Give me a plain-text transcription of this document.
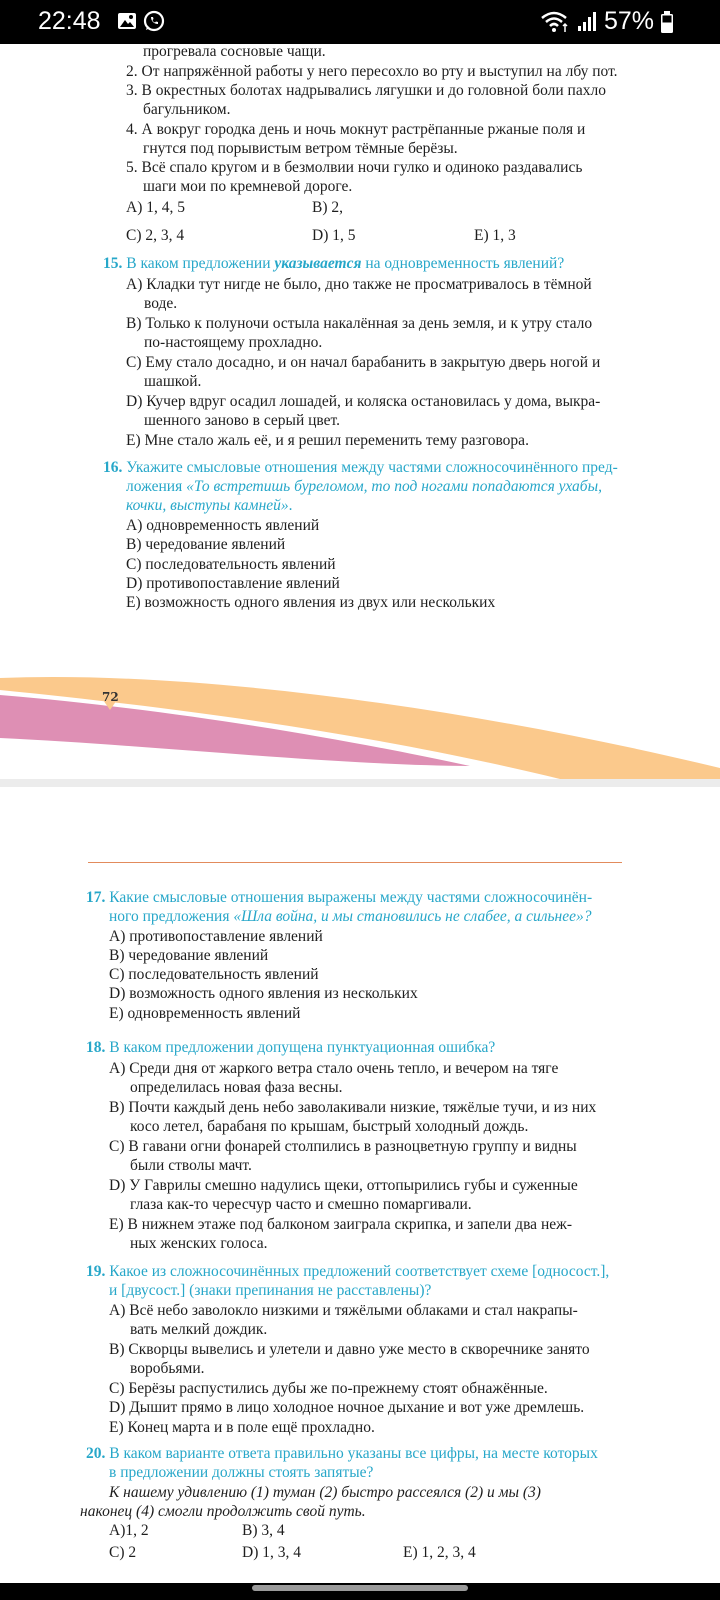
22:48
	57%
прогревала сосновые чащи.
2. От напряжённой работы у него пересохло во рту и выступил на лбу пот.
3. В окрестных болотах надрывались лягушки и до головной боли пахло
багульником.
4. А вокруг городка день и ночь мокнут растрёпанные ржаные поля и
гнутся под порывистым ветром тёмные берёзы.
5. Всё спало кругом и в безмолвии ночи гулко и одиноко раздавались
шаги мои по кремневой дороге.
A) 1, 4, 5	B) 2,
C) 2, 3, 4	D) 1, 5	E) 1, 3
15. В каком предложении указывается на одновременность явлений?
A) Кладки тут нигде не было, дно также не просматривалось в тёмной
воде.
B) Только к полуночи остыла накалённая за день земля, и к утру стало
по-настоящему прохладно.
C) Ему стало досадно, и он начал барабанить в закрытую дверь ногой и
шашкой.
D) Кучер вдруг осадил лошадей, и коляска остановилась у дома, выкра-
шенного заново в серый цвет.
E) Мне стало жаль её, и я решил переменить тему разговора.
16. Укажите смысловые отношения между частями сложносочинённого пред-
ложения «То встретишь буреломом, то под ногами попадаются ухабы,
кочки, выступы камней».
A) одновременность явлений
B) чередование явлений
C) последовательность явлений
D) противопоставление явлений
E) возможность одного явления из двух или нескольких
72
17. Какие смысловые отношения выражены между частями сложносочинён-
ного предложения «Шла война, и мы становились не слабее, а сильнее»?
A) противопоставление явлений
B) чередование явлений
C) последовательность явлений
D) возможность одного явления из нескольких
E) одновременность явлений
18. В каком предложении допущена пунктуационная ошибка?
A) Среди дня от жаркого ветра стало очень тепло, и вечером на тяге
определилась новая фаза весны.
B) Почти каждый день небо заволакивали низкие, тяжёлые тучи, и из них
косо летел, барабаня по крышам, быстрый холодный дождь.
C) В гавани огни фонарей столпились в разноцветную группу и видны
были стволы мачт.
D) У Гаврилы смешно надулись щеки, оттопырились губы и суженные
глаза как-то чересчур часто и смешно помаргивали.
E) В нижнем этаже под балконом заиграла скрипка, и запели два неж-
ных женских голоса.
19. Какое из сложносочинённых предложений соответствует схеме [односост.],
и [двусост.] (знаки препинания не расставлены)?
A) Всё небо заволокло низкими и тяжёлыми облаками и стал накрапы-
вать мелкий дождик.
B) Скворцы вывелись и улетели и давно уже место в скворечнике занято
воробьями.
C) Берёзы распустились дубы же по-прежнему стоят обнажённые.
D) Дышит прямо в лицо холодное ночное дыхание и вот уже дремлешь.
E) Конец марта и в поле ещё прохладно.
20. В каком варианте ответа правильно указаны все цифры, на месте которых
в предложении должны стоять запятые?
К нашему удивлению (1) туман (2) быстро рассеялся (2) и мы (3)
наконец (4) смогли продолжить свой путь.
A)1, 2	B) 3, 4
C) 2	D) 1, 3, 4	E) 1, 2, 3, 4
